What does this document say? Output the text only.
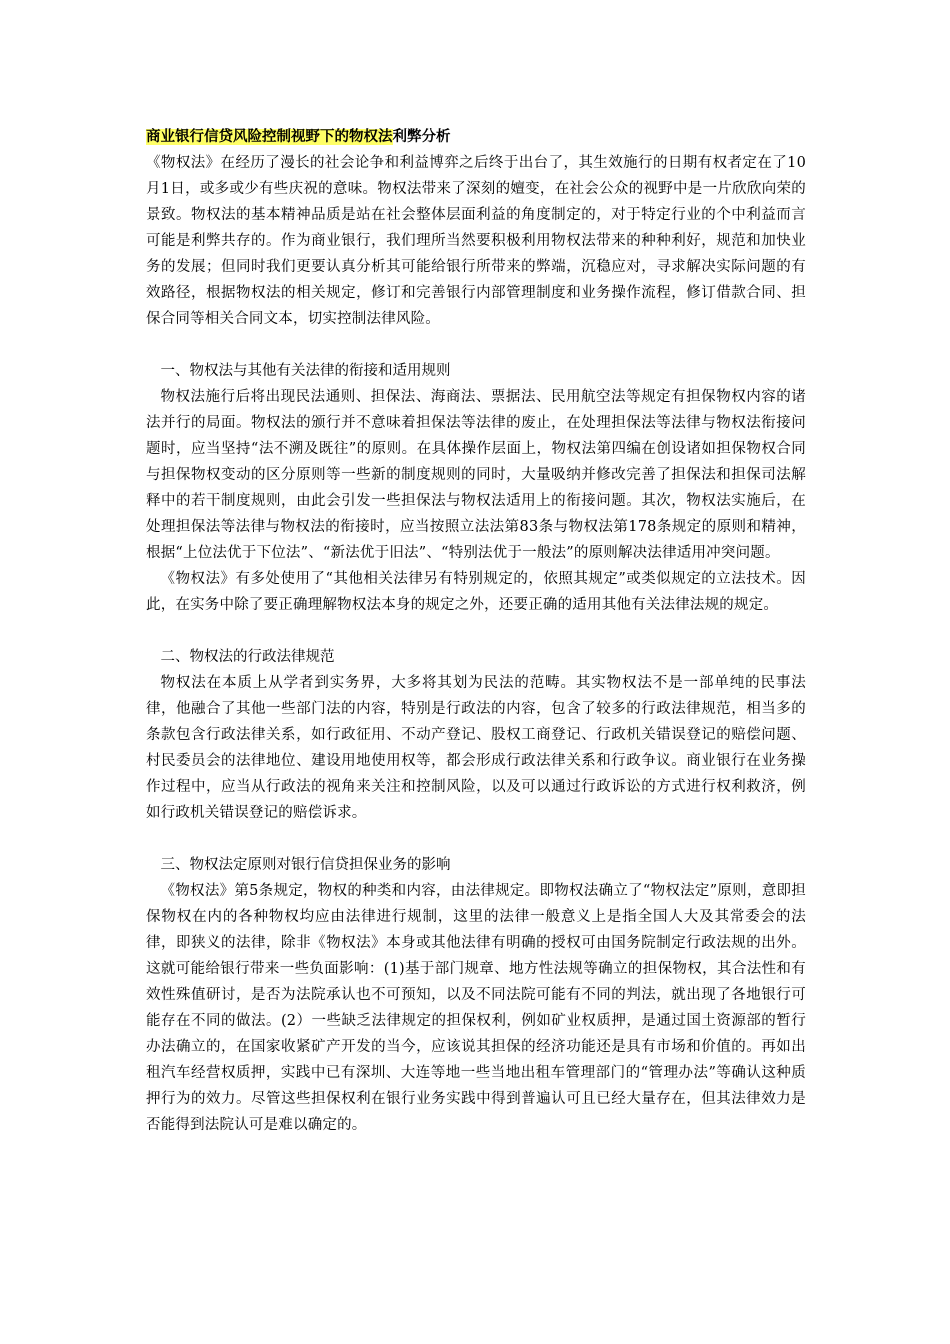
商业银行信贷风险控制视野下的物权法利弊分析

《物权法》在经历了漫长的社会论争和利益博弈之后终于出台了，其生效施行的日期有权者定在了10月1日，或多或少有些庆祝的意味。物权法带来了深刻的嬗变，在社会公众的视野中是一片欣欣向荣的景致。物权法的基本精神品质是站在社会整体层面利益的角度制定的，对于特定行业的个中利益而言可能是利弊共存的。作为商业银行，我们理所当然要积极利用物权法带来的种种利好，规范和加快业务的发展；但同时我们更要认真分析其可能给银行所带来的弊端，沉稳应对，寻求解决实际问题的有效路径，根据物权法的相关规定，修订和完善银行内部管理制度和业务操作流程，修订借款合同、担保合同等相关合同文本，切实控制法律风险。

一、物权法与其他有关法律的衔接和适用规则

物权法施行后将出现民法通则、担保法、海商法、票据法、民用航空法等规定有担保物权内容的诸法并行的局面。物权法的颁行并不意味着担保法等法律的废止，在处理担保法等法律与物权法衔接问题时，应当坚持“法不溯及既往”的原则。在具体操作层面上，物权法第四编在创设诸如担保物权合同与担保物权变动的区分原则等一些新的制度规则的同时，大量吸纳并修改完善了担保法和担保司法解释中的若干制度规则，由此会引发一些担保法与物权法适用上的衔接问题。其次，物权法实施后，在处理担保法等法律与物权法的衔接时，应当按照立法法第83条与物权法第178条规定的原则和精神，根据“上位法优于下位法”、“新法优于旧法”、“特别法优于一般法”的原则解决法律适用冲突问题。

《物权法》有多处使用了“其他相关法律另有特别规定的，依照其规定”或类似规定的立法技术。因此，在实务中除了要正确理解物权法本身的规定之外，还要正确的适用其他有关法律法规的规定。

二、物权法的行政法律规范

物权法在本质上从学者到实务界，大多将其划为民法的范畴。其实物权法不是一部单纯的民事法律，他融合了其他一些部门法的内容，特别是行政法的内容，包含了较多的行政法律规范，相当多的条款包含行政法律关系，如行政征用、不动产登记、股权工商登记、行政机关错误登记的赔偿问题、村民委员会的法律地位、建设用地使用权等，都会形成行政法律关系和行政争议。商业银行在业务操作过程中，应当从行政法的视角来关注和控制风险，以及可以通过行政诉讼的方式进行权利救济，例如行政机关错误登记的赔偿诉求。

三、物权法定原则对银行信贷担保业务的影响

《物权法》第5条规定，物权的种类和内容，由法律规定。即物权法确立了“物权法定”原则，意即担保物权在内的各种物权均应由法律进行规制，这里的法律一般意义上是指全国人大及其常委会的法律，即狭义的法律，除非《物权法》本身或其他法律有明确的授权可由国务院制定行政法规的出外。这就可能给银行带来一些负面影响：(1)基于部门规章、地方性法规等确立的担保物权，其合法性和有效性殊值研讨，是否为法院承认也不可预知，以及不同法院可能有不同的判法，就出现了各地银行可能存在不同的做法。(2）一些缺乏法律规定的担保权利，例如矿业权质押，是通过国土资源部的暂行办法确立的，在国家收紧矿产开发的当今，应该说其担保的经济功能还是具有市场和价值的。再如出租汽车经营权质押，实践中已有深圳、大连等地一些当地出租车管理部门的“管理办法”等确认这种质押行为的效力。尽管这些担保权利在银行业务实践中得到普遍认可且已经大量存在，但其法律效力是否能得到法院认可是难以确定的。
